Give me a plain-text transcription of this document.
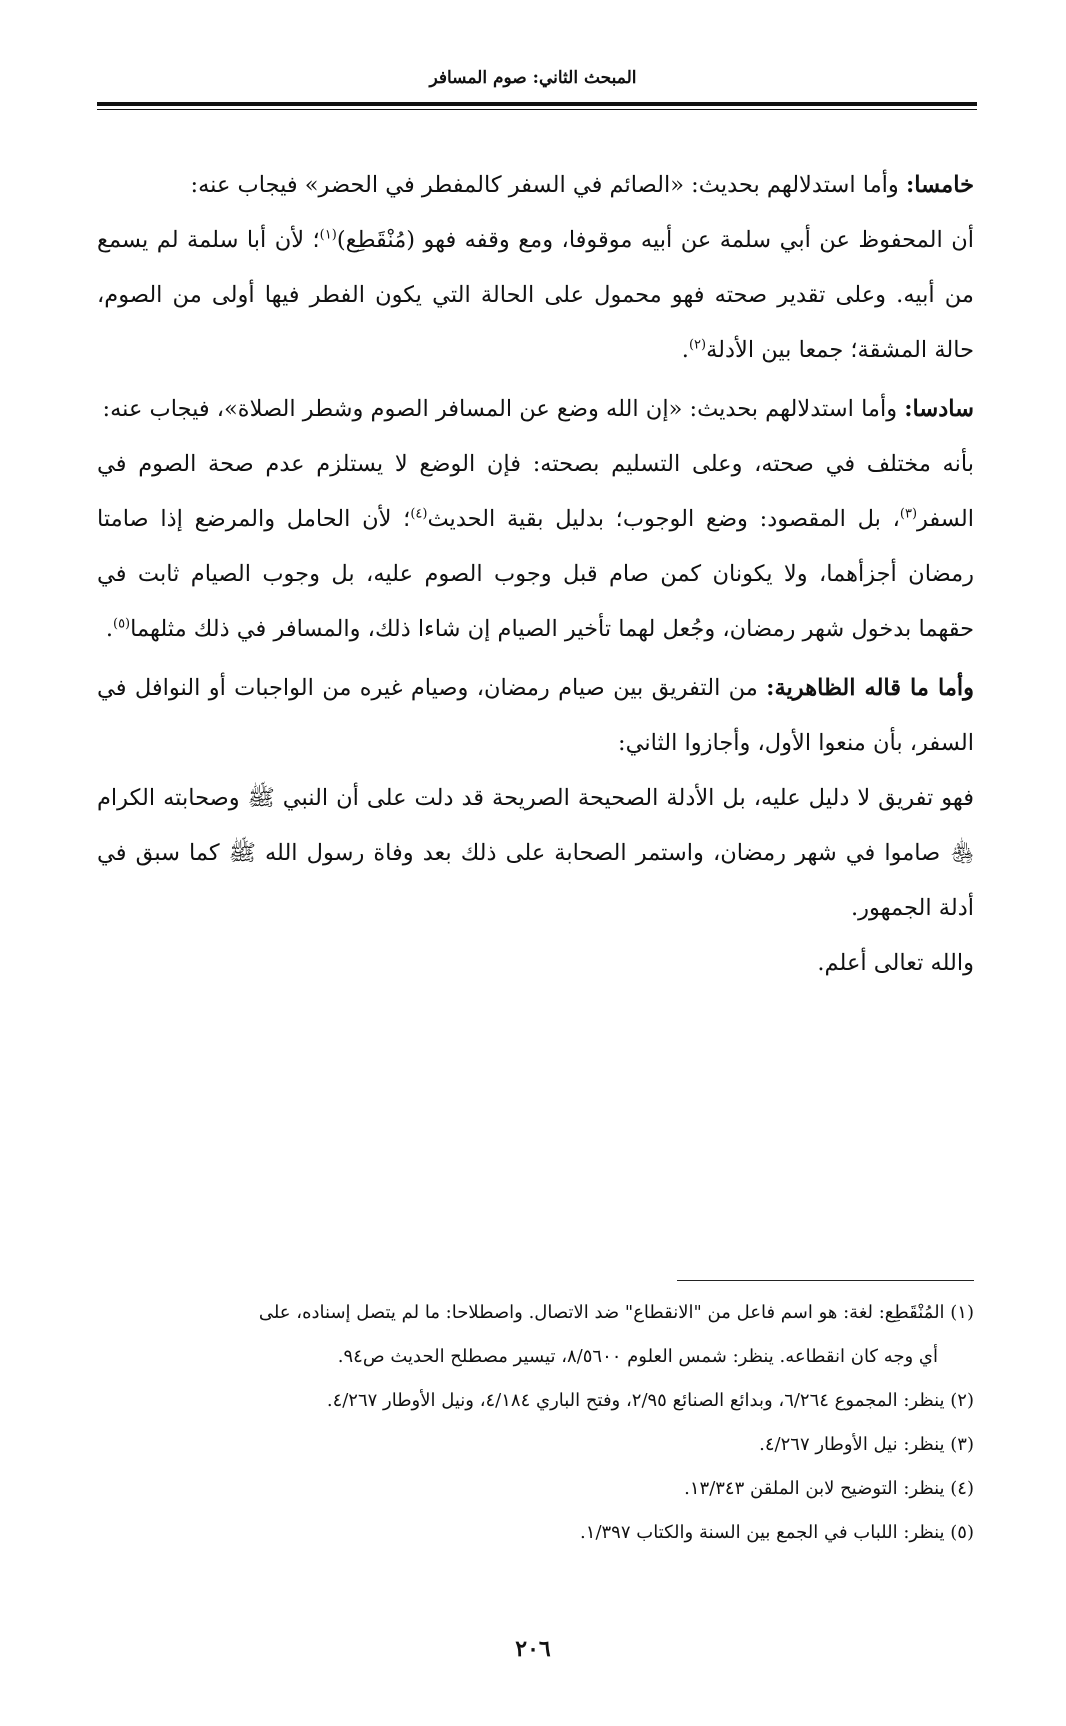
المبحث الثاني: صوم المسافر

خامسا: وأما استدلالهم بحديث: «الصائم في السفر كالمفطر في الحضر» فيجاب عنه:
أن المحفوظ عن أبي سلمة عن أبيه موقوفا، ومع وقفه فهو (مُنْقَطِع)$^{(١)}$؛ لأن أبا سلمة لم يسمع من أبيه. وعلى تقدير صحته فهو محمول على الحالة التي يكون الفطر فيها أولى من الصوم، حالة المشقة؛ جمعا بين الأدلة$^{(٢)}$.

سادسا: وأما استدلالهم بحديث: «إن الله وضع عن المسافر الصوم وشطر الصلاة»، فيجاب عنه:
بأنه مختلف في صحته، وعلى التسليم بصحته: فإن الوضع لا يستلزم عدم صحة الصوم في السفر$^{(٣)}$، بل المقصود: وضع الوجوب؛ بدليل بقية الحديث$^{(٤)}$؛ لأن الحامل والمرضع إذا صامتا رمضان أجزأهما، ولا يكونان كمن صام قبل وجوب الصوم عليه، بل وجوب الصيام ثابت في حقهما بدخول شهر رمضان، وجُعل لهما تأخير الصيام إن شاءا ذلك، والمسافر في ذلك مثلهما$^{(٥)}$.

وأما ما قاله الظاهرية: من التفريق بين صيام رمضان، وصيام غيره من الواجبات أو النوافل في السفر، بأن منعوا الأول، وأجازوا الثاني:

فهو تفريق لا دليل عليه، بل الأدلة الصحيحة الصريحة قد دلت على أن النبي ﷺ وصحابته الكرام ﵃ صاموا في شهر رمضان، واستمر الصحابة على ذلك بعد وفاة رسول الله ﷺ كما سبق في أدلة الجمهور.

والله تعالى أعلم.

(١) المُنْقَطِع: لغة: هو اسم فاعل من "الانقطاع" ضد الاتصال. واصطلاحا: ما لم يتصل إسناده، على
أي وجه كان انقطاعه. ينظر: شمس العلوم ٨/٥٦٠٠، تيسير مصطلح الحديث ص٩٤.

(٢) ينظر: المجموع ٦/٢٦٤، وبدائع الصنائع ٢/٩٥، وفتح الباري ٤/١٨٤، ونيل الأوطار ٤/٢٦٧.

(٣) ينظر: نيل الأوطار ٤/٢٦٧.

(٤) ينظر: التوضيح لابن الملقن ١٣/٣٤٣.

(٥) ينظر: اللباب في الجمع بين السنة والكتاب ١/٣٩٧.

٢٠٦
